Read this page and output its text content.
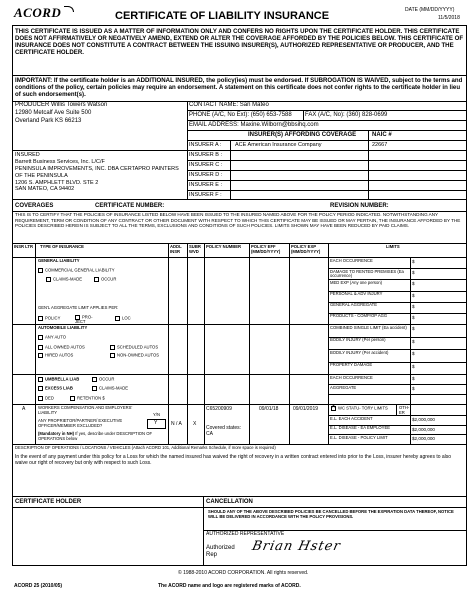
ACORD	CERTIFICATE OF LIABILITY INSURANCE	DATE (MM/DD/YYYY)
11/5/2018
THIS CERTIFICATE IS ISSUED AS A MATTER OF INFORMATION ONLY AND CONFERS NO RIGHTS UPON THE CERTIFICATE HOLDER. THIS CERTIFICATE DOES NOT AFFIRMATIVELY OR NEGATIVELY AMEND, EXTEND OR ALTER THE COVERAGE AFFORDED BY THE POLICIES BELOW. THIS CERTIFICATE OF INSURANCE DOES NOT CONSTITUTE A CONTRACT BETWEEN THE ISSUING INSURER(S), AUTHORIZED REPRESENTATIVE OR PRODUCER, AND THE CERTIFICATE HOLDER.
IMPORTANT: If the certificate holder is an ADDITIONAL INSURED, the policy(ies) must be endorsed. If SUBROGATION IS WAIVED, subject to the terms and conditions of the policy, certain policies may require an endorsement. A statement on this certificate does not confer rights to the certificate holder in lieu of such endorsement(s).
PRODUCER Willis Towers Watson
12980 Metcalf Ave Suite 500
Overland Park KS 66213
CONTACT NAME: San Mateo
PHONE (A/C, No Ext): (650) 653-7588 FAX (A/C, No): (360) 828-0699
EMAIL ADDRESS: Maxine.Wilborn@bbsihq.com
INSURER(S) AFFORDING COVERAGE	NAIC #
INSURER A : ACE American Insurance Company	22667
INSURER B :
INSURER C :
INSURER D :
INSURER E :
INSURER F :
INSURED
Barrett Business Services, Inc. L/C/F
PENINSULA IMPROVEMENTS, INC. DBA CERTAPRO PAINTERS
OF THE PENINSULA
1206 S. AMPHLETT BLVD. STE 2
SAN MATEO, CA 94402
COVERAGES	CERTIFICATE NUMBER:	REVISION NUMBER:
THIS IS TO CERTIFY THAT THE POLICIES OF INSURANCE LISTED BELOW HAVE BEEN ISSUED TO THE INSURED NAMED ABOVE FOR THE POLICY PERIOD INDICATED. NOTWITHSTANDING ANY REQUIREMENT, TERM OR CONDITION OF ANY CONTRACT OR OTHER DOCUMENT WITH RESPECT TO WHICH THIS CERTIFICATE MAY BE ISSUED OR MAY PERTAIN, THE INSURANCE AFFORDED BY THE POLICIES DESCRIBED HEREIN IS SUBJECT TO ALL THE TERMS, EXCLUSIONS AND CONDITIONS OF SUCH POLICIES. LIMITS SHOWN MAY HAVE BEEN REDUCED BY PAID CLAIMS.
INSR LTR TYPE OF INSURANCE	ADDL INSR
SUBR WVD
POLICY NUMBER POLICY EFF (MM/DD/YYYY)
POLICY EXP (MM/DD/YYYY)
LIMITS
GENERAL LIABILITY
COMMERCIAL GENERAL LIABILITY
CLAIMS-MADE	OCCUR
GEN'L AGGREGATE LIMIT APPLIES PER:
POLICY	PRO- JECT
LOC
EACH OCCURRENCE	$
DAMAGE TO RENTED PREMISES (Ea occurrence)
$
MED EXP (Any one person)	$
PERSONAL & ADV INJURY	$
GENERAL AGGREGATE	$
PRODUCTS - COMP/OP AGG	$
AUTOMOBILE LIABILITY
ANY AUTO
ALL OWNED AUTOS	SCHEDULED AUTOS
HIRED AUTOS	NON-OWNED AUTOS
COMBINED SINGLE LIMIT (Ea accident)	$
BODILY INJURY (Per person)	$
BODILY INJURY (Per accident)	$
PROPERTY DAMAGE	$
UMBRELLA LIAB	OCCUR
EXCESS LIAB	CLAIMS-MADE
DED	RETENTION $
EACH OCCURRENCE	$
AGGREGATE	$
A	WORKERS COMPENSATION AND EMPLOYERS' LIABILITY	Y/N
ANY PROPRIETOR/PARTNER/ EXECUTIVE OFFICER/MEMBER EXCLUDED?	Y
(Mandatory in NH) If yes, describe under DESCRIPTION OF OPERATIONS below
N / A X
C65200909
Covered states: CA
09/01/18	09/01/2019
✕	WC STATU- TORY LIMITS	OTH- ER
E.L. EACH ACCIDENT	$2,000,000
E.L. DISEASE - EA EMPLOYEE	$2,000,000
E.L. DISEASE - POLICY LIMIT	$2,000,000
DESCRIPTION OF OPERATIONS / LOCATIONS / VEHICLES (Attach ACORD 101, Additional Remarks Schedule, if more space is required)
In the event of any payment under this policy for a Loss for which the named insured has waived the right of recovery in a written contract entered into prior to the Loss, insurer hereby agrees to also waive our right of recovery but only with respect to such Loss.
CERTIFICATE HOLDER	CANCELLATION
SHOULD ANY OF THE ABOVE DESCRIBED POLICIES BE CANCELLED BEFORE THE EXPIRATION DATA THEREOF, NOTICE WILL BE DELIVERED IN ACCORDANCE WITH THE POLICY PROVISIONS.
AUTHORIZED REPRESENTATIVE
Authorized
Rep
Brian Hster
© 1988-2010 ACORD CORPORATION. All rights reserved.
ACORD 25 (2010/05)	The ACORD name and logo are registered marks of ACORD.
